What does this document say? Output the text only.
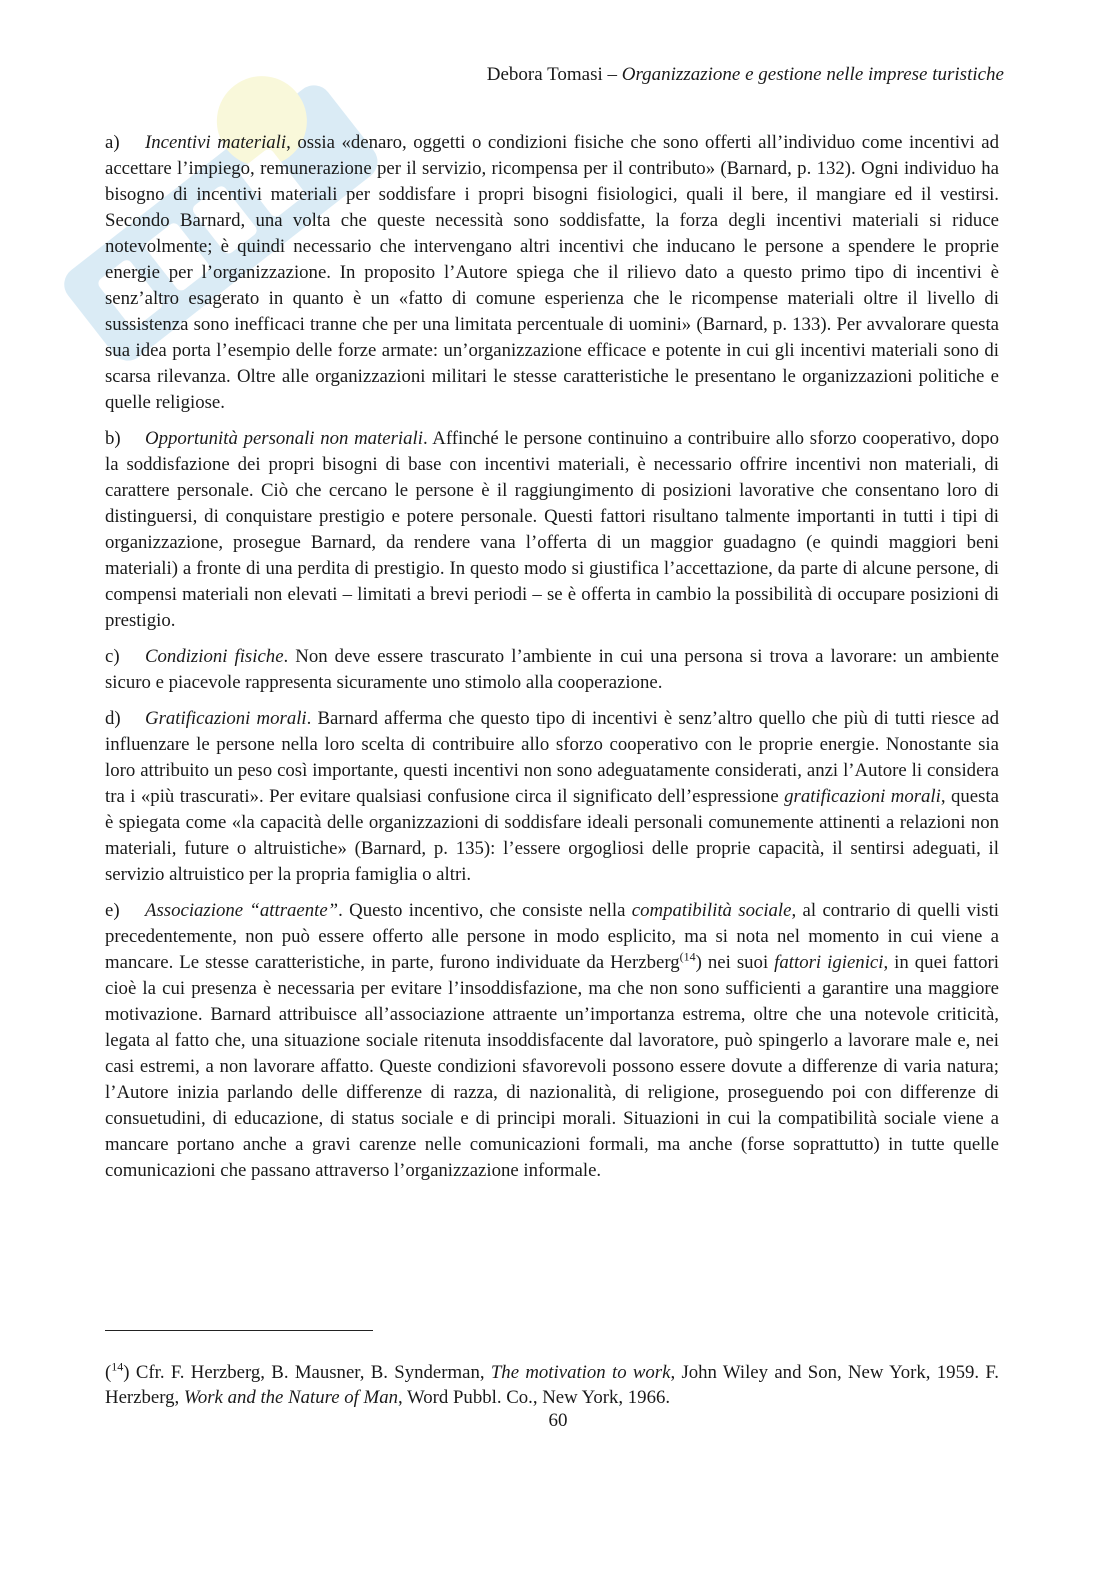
Debora Tomasi – Organizzazione e gestione nelle imprese turistiche

a) Incentivi materiali, ossia «denaro, oggetti o condizioni fisiche che sono offerti all’individuo come incentivi ad accettare l’impiego, remunerazione per il servizio, ricompensa per il contributo» (Barnard, p. 132). Ogni individuo ha bisogno di incentivi materiali per soddisfare i propri bisogni fisiologici, quali il bere, il mangiare ed il vestirsi. Secondo Barnard, una volta che queste necessità sono soddisfatte, la forza degli incentivi materiali si riduce notevolmente; è quindi necessario che intervengano altri incentivi che inducano le persone a spendere le proprie energie per l’organizzazione. In proposito l’Autore spiega che il rilievo dato a questo primo tipo di incentivi è senz’altro esagerato in quanto è un «fatto di comune esperienza che le ricompense materiali oltre il livello di sussistenza sono inefficaci tranne che per una limitata percentuale di uomini» (Barnard, p. 133). Per avvalorare questa sua idea porta l’esempio delle forze armate: un’organizzazione efficace e potente in cui gli incentivi materiali sono di scarsa rilevanza. Oltre alle organizzazioni militari le stesse caratteristiche le presentano le organizzazioni politiche e quelle religiose.

b) Opportunità personali non materiali. Affinché le persone continuino a contribuire allo sforzo cooperativo, dopo la soddisfazione dei propri bisogni di base con incentivi materiali, è necessario offrire incentivi non materiali, di carattere personale. Ciò che cercano le persone è il raggiungimento di posizioni lavorative che consentano loro di distinguersi, di conquistare prestigio e potere personale. Questi fattori risultano talmente importanti in tutti i tipi di organizzazione, prosegue Barnard, da rendere vana l’offerta di un maggior guadagno (e quindi maggiori beni materiali) a fronte di una perdita di prestigio. In questo modo si giustifica l’accettazione, da parte di alcune persone, di compensi materiali non elevati – limitati a brevi periodi – se è offerta in cambio la possibilità di occupare posizioni di prestigio.

c) Condizioni fisiche. Non deve essere trascurato l’ambiente in cui una persona si trova a lavorare: un ambiente sicuro e piacevole rappresenta sicuramente uno stimolo alla cooperazione.

d) Gratificazioni morali. Barnard afferma che questo tipo di incentivi è senz’altro quello che più di tutti riesce ad influenzare le persone nella loro scelta di contribuire allo sforzo cooperativo con le proprie energie. Nonostante sia loro attribuito un peso così importante, questi incentivi non sono adeguatamente considerati, anzi l’Autore li considera tra i «più trascurati». Per evitare qualsiasi confusione circa il significato dell’espressione gratificazioni morali, questa è spiegata come «la capacità delle organizzazioni di soddisfare ideali personali comunemente attinenti a relazioni non materiali, future o altruistiche» (Barnard, p. 135): l’essere orgogliosi delle proprie capacità, il sentirsi adeguati, il servizio altruistico per la propria famiglia o altri.

e) Associazione “attraente”. Questo incentivo, che consiste nella compatibilità sociale, al contrario di quelli visti precedentemente, non può essere offerto alle persone in modo esplicito, ma si nota nel momento in cui viene a mancare. Le stesse caratteristiche, in parte, furono individuate da Herzberg$^{(14}$) nei suoi fattori igienici, in quei fattori cioè la cui presenza è necessaria per evitare l’insoddisfazione, ma che non sono sufficienti a garantire una maggiore motivazione. Barnard attribuisce all’associazione attraente un’importanza estrema, oltre che una notevole criticità, legata al fatto che, una situazione sociale ritenuta insoddisfacente dal lavoratore, può spingerlo a lavorare male e, nei casi estremi, a non lavorare affatto. Queste condizioni sfavorevoli possono essere dovute a differenze di varia natura; l’Autore inizia parlando delle differenze di razza, di nazionalità, di religione, proseguendo poi con differenze di consuetudini, di educazione, di status sociale e di principi morali. Situazioni in cui la compatibilità sociale viene a mancare portano anche a gravi carenze nelle comunicazioni formali, ma anche (forse soprattutto) in tutte quelle comunicazioni che passano attraverso l’organizzazione informale.

($^{14}$) Cfr. F. Herzberg, B. Mausner, B. Synderman, The motivation to work, John Wiley and Son, New York, 1959. F. Herzberg, Work and the Nature of Man, Word Pubbl. Co., New York, 1966.

60
